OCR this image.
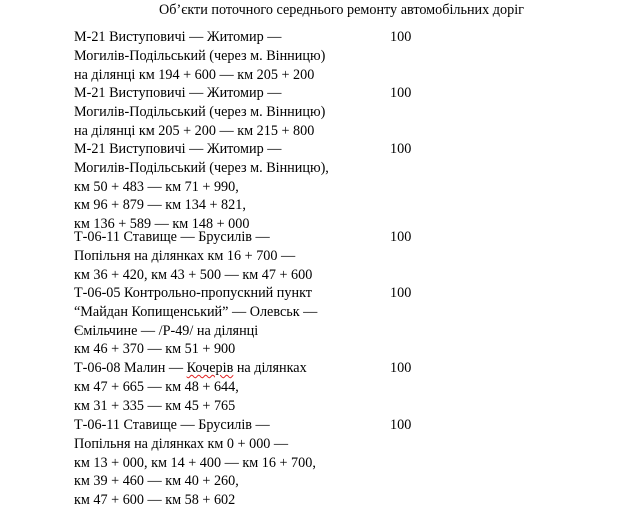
Об’єкти поточного середнього ремонту автомобільних доріг
М-21 Виступовичі — Житомир —
Могилів-Подільський (через м. Вінницю)
на ділянці км 194 + 600 — км 205 + 200
100
М-21 Виступовичі — Житомир —
Могилів-Подільський (через м. Вінницю)
на ділянці км 205 + 200 — км 215 + 800
100
М-21 Виступовичі — Житомир —
Могилів-Подільський (через м. Вінницю),
км 50 + 483 — км 71 + 990,
км 96 + 879 — км 134 + 821,
км 136 + 589 — км 148 + 000
100
Т-06-11 Ставище — Брусилів —
Попільня на ділянках км 16 + 700 —
км 36 + 420, км 43 + 500 — км 47 + 600
100
Т-06-05 Контрольно-пропускний пункт
“Майдан Копищенський” — Олевськ —
Ємільчине — /Р-49/ на ділянці
км 46 + 370 — км 51 + 900
100
Т-06-08 Малин — Кочерів на ділянках
км 47 + 665 — км 48 + 644,
км 31 + 335 — км 45 + 765
100
Т-06-11 Ставище — Брусилів —
Попільня на ділянках км 0 + 000 —
км 13 + 000, км 14 + 400 — км 16 + 700,
км 39 + 460 — км 40 + 260,
км 47 + 600 — км 58 + 602
100
